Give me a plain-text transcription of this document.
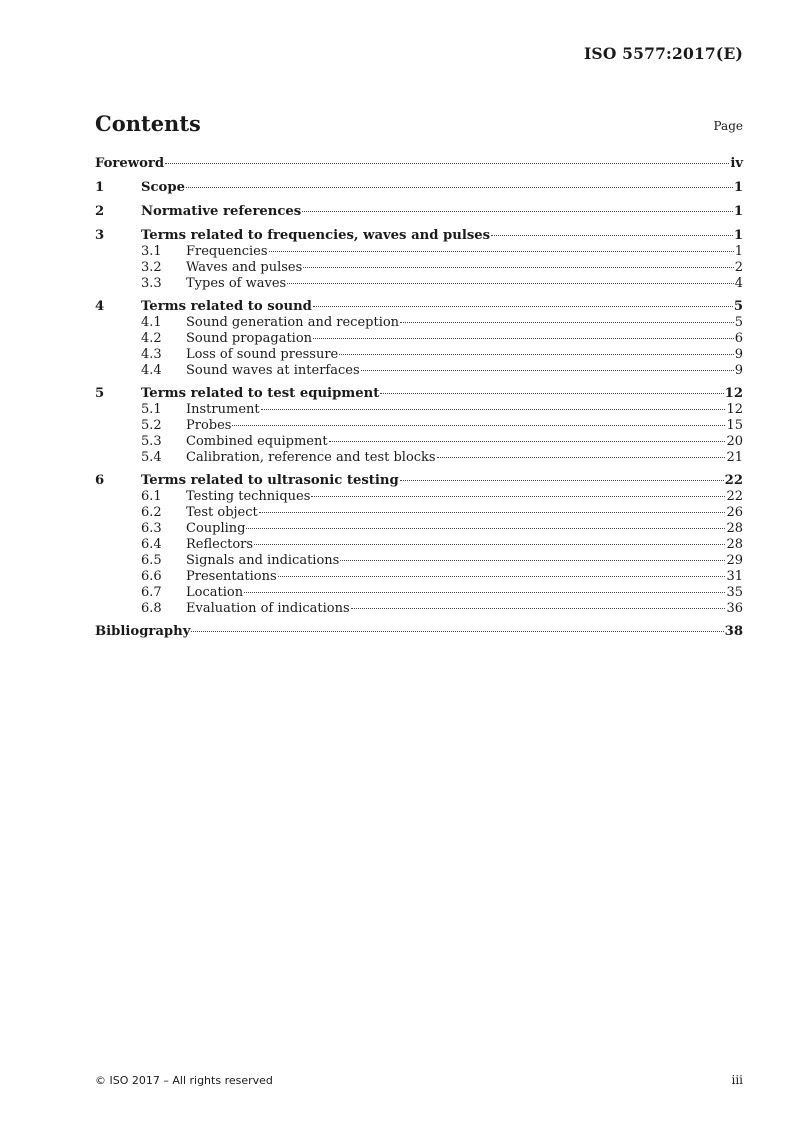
ISO 5577:2017(E)
Contents	Page
Foreword	iv
1	Scope	1
2	Normative references	1
3	Terms related to frequencies, waves and pulses	1
3.1	Frequencies	1
3.2	Waves and pulses	2
3.3	Types of waves	4
4	Terms related to sound	5
4.1	Sound generation and reception	5
4.2	Sound propagation	6
4.3	Loss of sound pressure	9
4.4	Sound waves at interfaces	9
5	Terms related to test equipment	12
5.1	Instrument	12
5.2	Probes	15
5.3	Combined equipment	20
5.4	Calibration, reference and test blocks	21
6	Terms related to ultrasonic testing	22
6.1	Testing techniques	22
6.2	Test object	26
6.3	Coupling	28
6.4	Reflectors	28
6.5	Signals and indications	29
6.6	Presentations	31
6.7	Location	35
6.8	Evaluation of indications	36
Bibliography	38
© ISO 2017 – All rights reserved	iii
